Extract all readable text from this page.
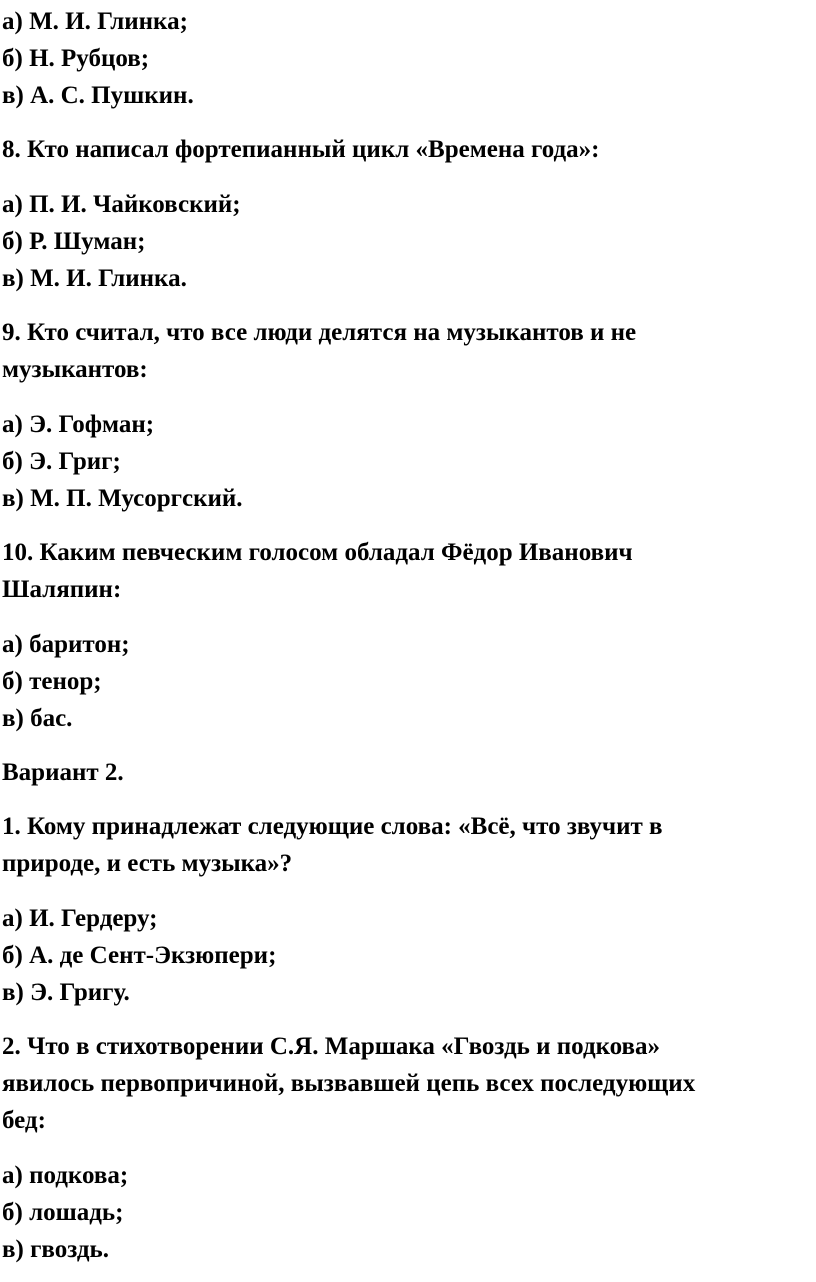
а) М. И. Глинка;
б) Н. Рубцов;
в) А. С. Пушкин.
8. Кто написал фортепианный цикл «Времена года»:
а) П. И. Чайковский;
б) Р. Шуман;
в) М. И. Глинка.
9. Кто считал, что все люди делятся на музыкантов и не
музыкантов:
а) Э. Гофман;
б) Э. Григ;
в) М. П. Мусоргский.
10. Каким певческим голосом обладал Фёдор Иванович
Шаляпин:
а) баритон;
б) тенор;
в) бас.
Вариант 2.
1. Кому принадлежат следующие слова: «Всё, что звучит в
природе, и есть музыка»?
а) И. Гердеру;
б) А. де Сент-Экзюпери;
в) Э. Григу.
2. Что в стихотворении С.Я. Маршака «Гвоздь и подкова»
явилось первопричиной, вызвавшей цепь всех последующих
бед:
а) подкова;
б) лошадь;
в) гвоздь.
